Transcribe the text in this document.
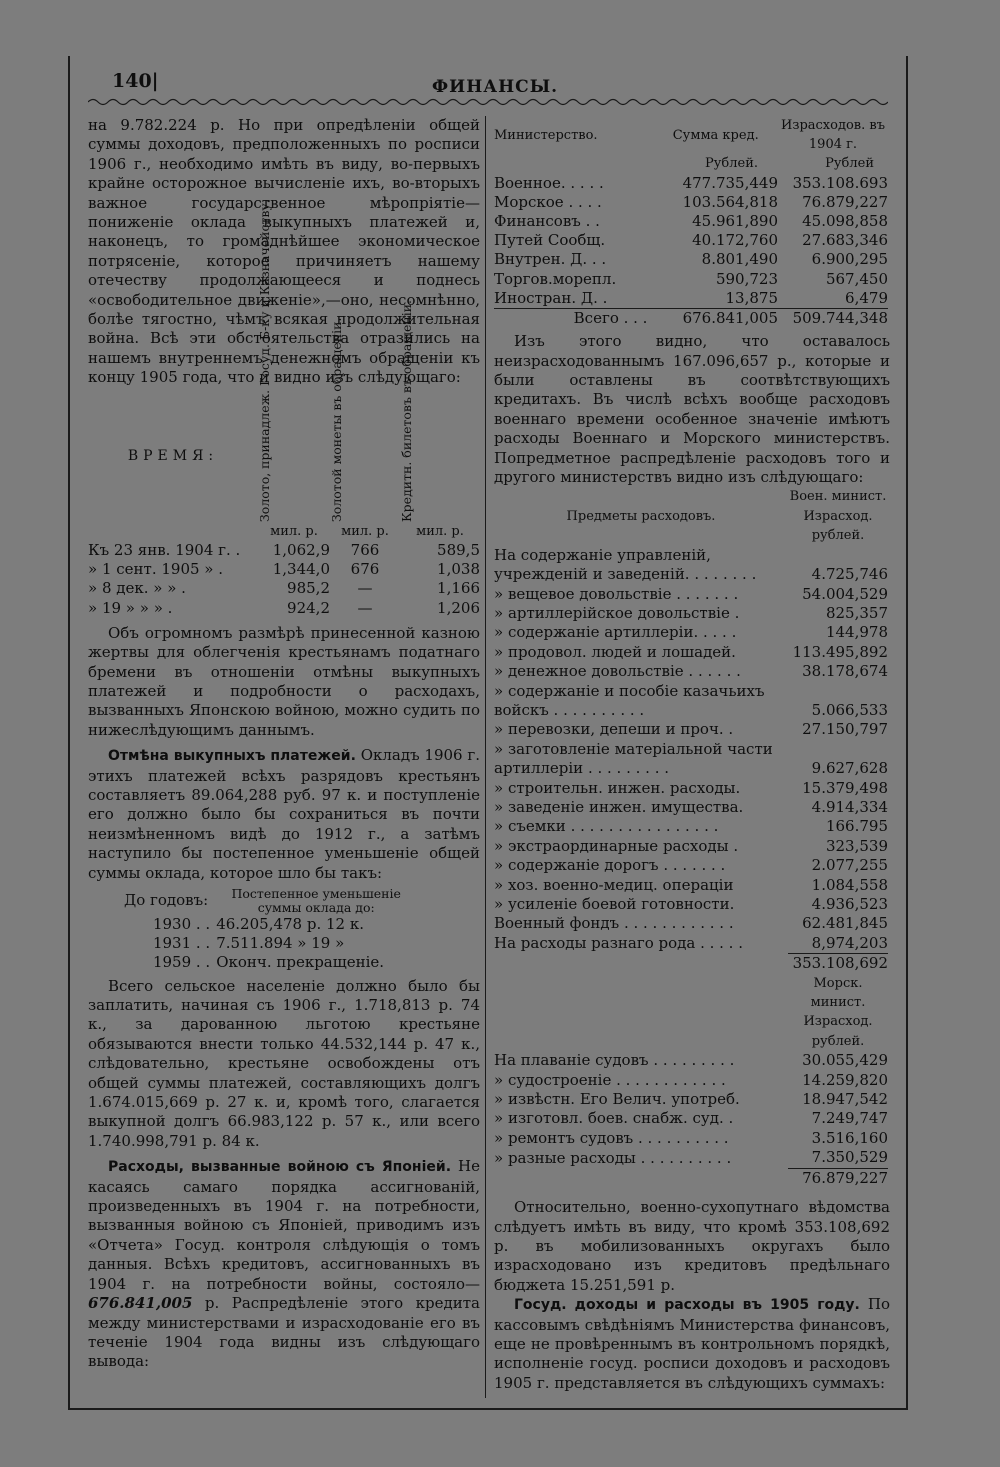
140|	ФИНАНСЫ.

на 9.782.224 р. Но при опредѣленіи общей суммы доходовъ, предположенныхъ по росписи 1906 г., необходимо имѣть въ виду, во-первыхъ крайне осторожное вычисленіе ихъ, во-вторыхъ важное государственное мѣропріятіе—пониженіе оклада выкупныхъ платежей и, наконецъ, то громаднѣйшее экономическое потрясеніе, которое причиняетъ нашему отечеству продолжающееся и поднесь «освободительное движеніе»,—оно, несомнѣнно, болѣе тягостно, чѣмъ всякая продолжительная война. Всѣ эти обстоятельства отразились на нашемъ внутреннемъ денежномъ обращеніи къ концу 1905 года, что и видно изъ слѣдующаго:

ВРЕМЯ:	Золото, принадлеж. Госуд. Б-ку и Казначейству.	Золотой монеты въ обращеніи.	Кредитн. билетовъ въ обращеніи.

	мил. р.	мил. р.	мил. р.
Къ 23 янв. 1904 г. .	1,062,9	766	589,5
» 1 сент. 1905 » .	1,344,0	676	1,038
» 8 дек. » » .	985,2	—	1,166
» 19 » » » .	924,2	—	1,206

Объ огромномъ размѣрѣ принесенной казною жертвы для облегченія крестьянамъ податнаго бремени въ отношеніи отмѣны выкупныхъ платежей и подробности о расходахъ, вызванныхъ Японскою войною, можно судить по нижеслѣдующимъ даннымъ.

Отмѣна выкупныхъ платежей. Окладъ 1906 г. этихъ платежей всѣхъ разрядовъ крестьянъ составляетъ 89.064,288 руб. 97 к. и поступленіе его должно было бы сохраниться въ почти неизмѣненномъ видѣ до 1912 г., а затѣмъ наступило бы постепенное уменьшеніе общей суммы оклада, которое шло бы такъ:

До годовъ:	Постепенное уменьшеніе суммы оклада до:
1930 . .	46.205,478 р. 12 к.
1931 . .	7.511.894 » 19 »
1959 . .	Оконч. прекращеніе.

Всего сельское населеніе должно было бы заплатить, начиная съ 1906 г., 1.718,813 р. 74 к., за дарованною льготою крестьяне обязываются внести только 44.532,144 р. 47 к., слѣдовательно, крестьяне освобождены отъ общей суммы платежей, составляющихъ долгъ 1.674.015,669 р. 27 к. и, кромѣ того, слагается выкупной долгъ 66.983,122 р. 57 к., или всего 1.740.998,791 р. 84 к.

Расходы, вызванные войною съ Японіей. Не касаясь самаго порядка ассигнованій, произведенныхъ въ 1904 г. на потребности, вызванныя войною съ Японіей, приводимъ изъ «Отчета» Госуд. контроля слѣдующія о томъ данныя. Всѣхъ кредитовъ, ассигнованныхъ въ 1904 г. на потребности войны, состояло—676.841,005 р. Распредѣленіе этого кредита между министерствами и израсходованіе его въ теченіе 1904 года видны изъ слѣдующаго вывода:

Министерство.	Сумма кред.	Израсходов. въ 1904 г.
	Рублей.	Рублей
Военное. . . . .	477.735,449	353.108.693
Морское . . . .	103.564,818	76.879,227
Финансовъ . .	45.961,890	45.098,858
Путей Сообщ.	40.172,760	27.683,346
Внутрен. Д. . .	8.801,490	6.900,295
Торгов.морепл.	590,723	567,450
Иностран. Д. .	13,875	6,479
Всего . . .	676.841,005	509.744,348

Изъ этого видно, что оставалось неизрасходованнымъ 167.096,657 р., которые и были оставлены въ соотвѣтствующихъ кредитахъ. Въ числѣ всѣхъ вообще расходовъ военнаго времени особенное значеніе имѣютъ расходы Военнаго и Морского министерствъ. Попредметное распредѣленіе расходовъ того и другого министерствъ видно изъ слѣдующаго:

Предметы расходовъ.	Воен. минист. Израсход. рублей.
На содержаніе управленій, учрежденій и заведеній. . . . . . . .	4.725,746
» вещевое довольствіе . . . . . . .	54.004,529
» артиллерійское довольствіе .	825,357
» содержаніе артиллеріи. . . . .	144,978
» продовол. людей и лошадей.	113.495,892
» денежное довольствіе . . . . . .	38.178,674
» содержаніе и пособіе казачьихъ войскъ . . . . . . . . . .	5.066,533
» перевозки, депеши и проч. .	27.150,797
» заготовленіе матеріальной части артиллеріи . . . . . . . . .	9.627,628
» строительн. инжен. расходы.	15.379,498
» заведеніе инжен. имущества.	4.914,334
» съемки . . . . . . . . . . . . . . . .	166.795
» экстраординарные расходы .	323,539
» содержаніе дорогъ . . . . . . .	2.077,255
» хоз. военно-медиц. операціи	1.084,558
» усиленіе боевой готовности.	4.936,523
Военный фондъ . . . . . . . . . . . .	62.481,845
На расходы разнаго рода . . . . .	8,974,203
	353.108,692
	Морск. минист. Израсход. рублей.
На плаваніе судовъ . . . . . . . . .	30.055,429
» судостроеніе . . . . . . . . . . . .	14.259,820
» извѣстн. Его Велич. употреб.	18.947,542
» изготовл. боев. снабж. суд. .	7.249,747
» ремонтъ судовъ . . . . . . . . . .	3.516,160
» разные расходы . . . . . . . . . .	7.350,529
	76.879,227

Относительно, военно-сухопутнаго вѣдомства слѣдуетъ имѣть въ виду, что кромѣ 353.108,692 р. въ мобилизованныхъ округахъ было израсходовано изъ кредитовъ предѣльнаго бюджета 15.251,591 р.

Госуд. доходы и расходы въ 1905 году. По кассовымъ свѣдѣніямъ Министерства финансовъ, еще не провѣреннымъ въ контрольномъ порядкѣ, исполненіе госуд. росписи доходовъ и расходовъ 1905 г. представляется въ слѣдующихъ суммахъ:
